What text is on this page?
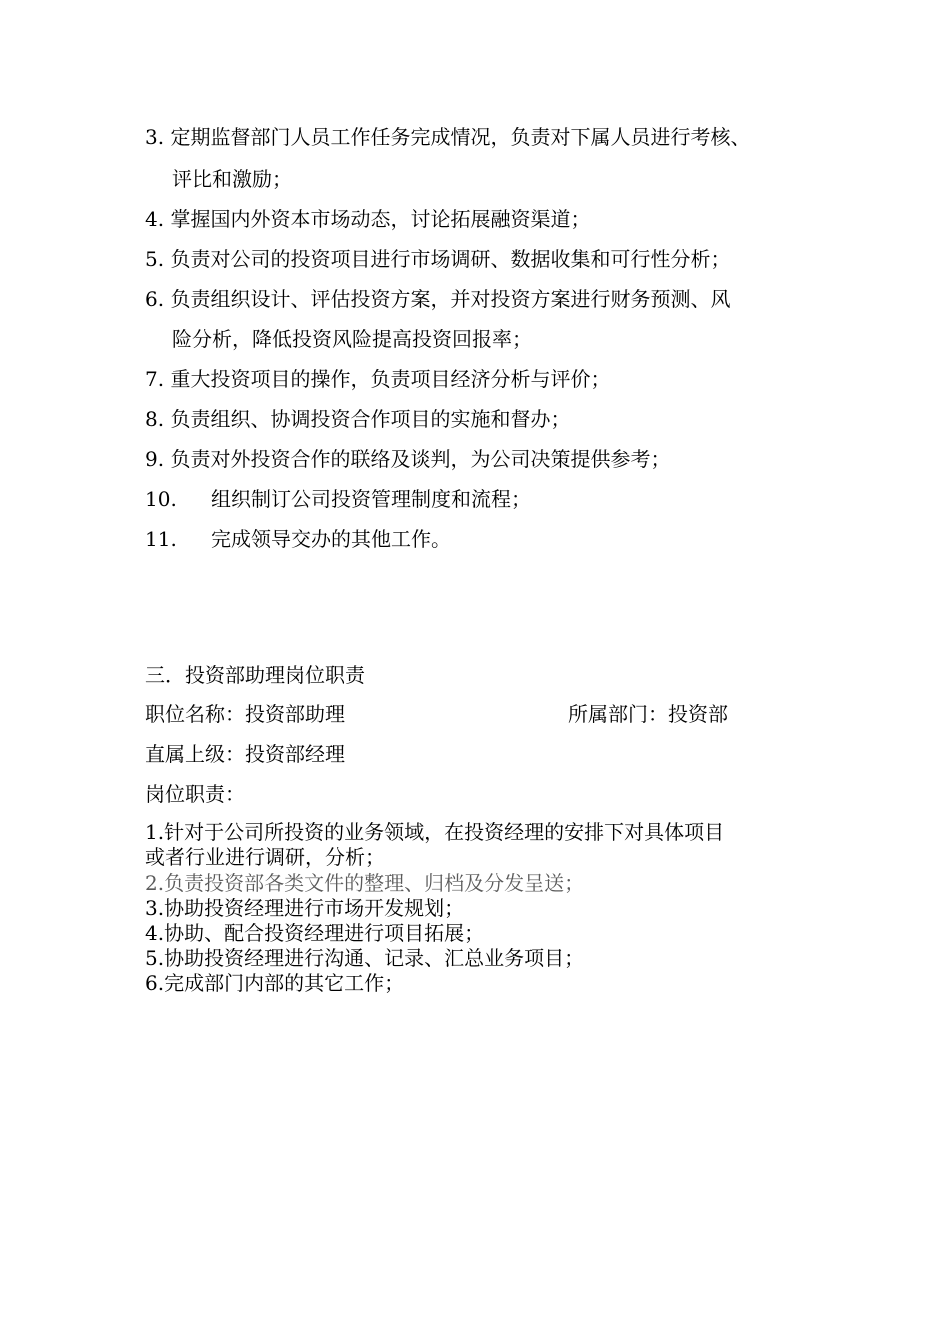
3. 定期监督部门人员工作任务完成情况，负责对下属人员进行考核、
评比和激励；
4. 掌握国内外资本市场动态，讨论拓展融资渠道；
5. 负责对公司的投资项目进行市场调研、数据收集和可行性分析；
6. 负责组织设计、评估投资方案，并对投资方案进行财务预测、风
险分析，降低投资风险提高投资回报率；
7. 重大投资项目的操作，负责项目经济分析与评价；
8. 负责组织、协调投资合作项目的实施和督办；
9. 负责对外投资合作的联络及谈判，为公司决策提供参考；
10. 组织制订公司投资管理制度和流程；
11. 完成领导交办的其他工作。
三．投资部助理岗位职责
职位名称：投资部助理	所属部门：投资部
直属上级：投资部经理
岗位职责：
1.针对于公司所投资的业务领域，在投资经理的安排下对具体项目
或者行业进行调研，分析；
2.负责投资部各类文件的整理、归档及分发呈送；
3.协助投资经理进行市场开发规划；
4.协助、配合投资经理进行项目拓展；
5.协助投资经理进行沟通、记录、汇总业务项目；
6.完成部门内部的其它工作；
